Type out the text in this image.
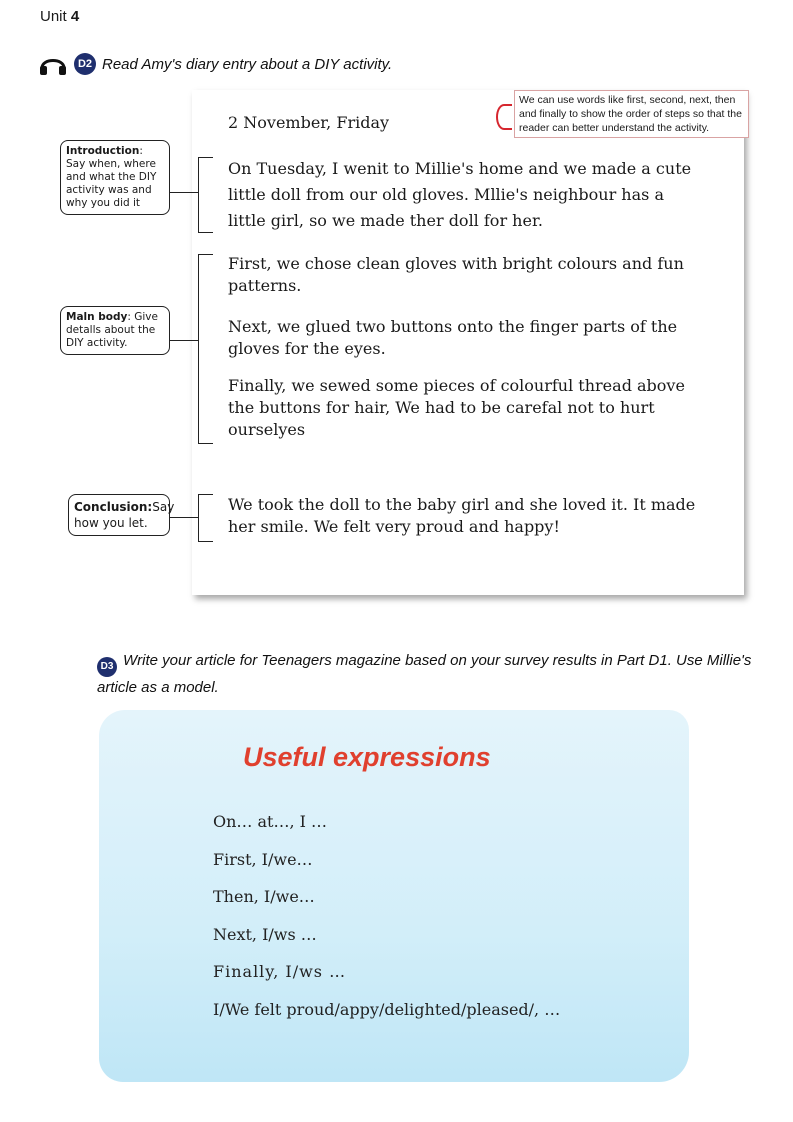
Unit 4
D2 Read Amy's diary entry about a DIY activity.
2 November, Friday
We can use words like first, second, next, then and finally to show the order of steps so that the reader can better understand the activity.
On Tuesday, I wenit to Millie's home and we made a cute little doll from our old gloves. Mllie's neighbour has a little girl, so we made ther doll for her.
First, we chose clean gloves with bright colours and fun patterns.
Next, we glued two buttons onto the finger parts of the gloves for the eyes.
Finally, we sewed some pieces of colourful thread above the buttons for hair, We had to be carefal not to hurt ourselyes
We took the doll to the baby girl and she loved it. It made her smile. We felt very proud and happy!
Introduction: Say when, where and what the DIY activity was and why you did it
Maln body: Give detalls about the DIY activity.
Conclusion:Say how you let.
D3 Write your article for Teenagers magazine based on your survey results in Part D1. Use Millie's article as a model.
Useful expressions
On… at…, I …
First, I/we…
Then, I/we…
Next, I/ws …
Finally, I/ws …
I/We felt proud/appy/delighted/pleased/, …
